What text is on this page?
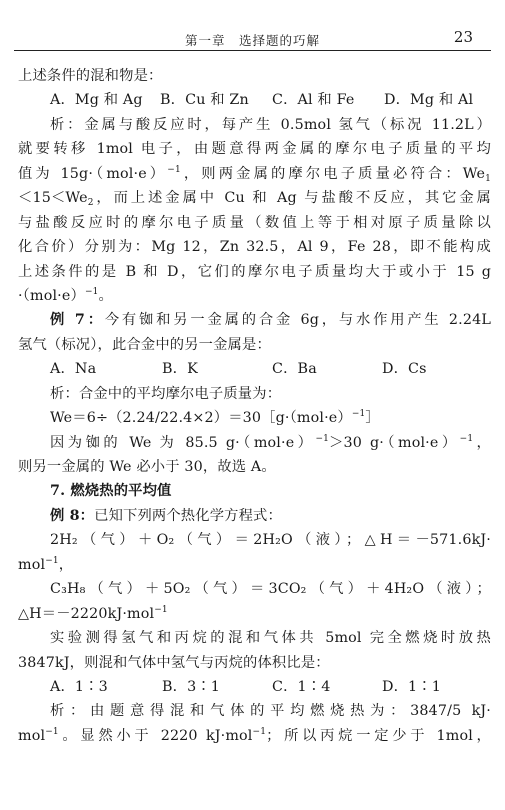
第一章　选择题的巧解	23
上述条件的混和物是：
A．Mg 和 Ag	B．Cu 和 Zn	C．Al 和 Fe	D．Mg 和 Al
析：金属与酸反应时，每产生 0.5mol 氢气（标况 11.2L）
就要转移 1mol 电子，由题意得两金属的摩尔电子质量的平均
值为 $15g\cdot(mol\cdot e)^{-1}$，则两金属的摩尔电子质量必符合：$We_1$
$<15<We_2$，而上述金属中 Cu 和 Ag 与盐酸不反应，其它金属
与盐酸反应时的摩尔电子质量（数值上等于相对原子质量除以
化合价）分别为：Mg 12，Zn 32.5，Al 9，Fe 28，即不能构成
上述条件的是 B 和 D，它们的摩尔电子质量均大于或小于 15 g
$\cdot(mol\cdot e)^{-1}$。
例 7：今有铷和另一金属的合金 6g，与水作用产生 2.24L
氢气（标况），此合金中的另一金属是：
A．Na	B．K	C．Ba	D．Cs
析：合金中的平均摩尔电子质量为：
$We=6\div(2.24/22.4\times 2)=30[g\cdot(mol\cdot e)^{-1}]$
因为铷的 We 为 85.5 $g\cdot(mol\cdot e)^{-1}>30$ $g\cdot(mol\cdot e)^{-1}$，
则另一金属的 We 必小于 30，故选 A。
7. 燃烧热的平均值
例 8：已知下列两个热化学方程式：
2H₂（气）＋O₂（气）＝2H₂O（液）；△H＝－571.6kJ·
mol$^{-1}$，
C₃H₈（气）＋5O₂（气）＝3CO₂（气）＋4H₂O（液）；
△H＝－2220kJ·mol$^{-1}$
实验测得氢气和丙烷的混和气体共 5mol 完全燃烧时放热
3847kJ，则混和气体中氢气与丙烷的体积比是：
A．1∶3	B．3∶1	C．1∶4	D．1∶1
析：由题意得混和气体的平均燃烧热为：3847/5 kJ·
mol$^{-1}$。显然小于 2220 kJ·mol$^{-1}$；所以丙烷一定少于 1mol，
